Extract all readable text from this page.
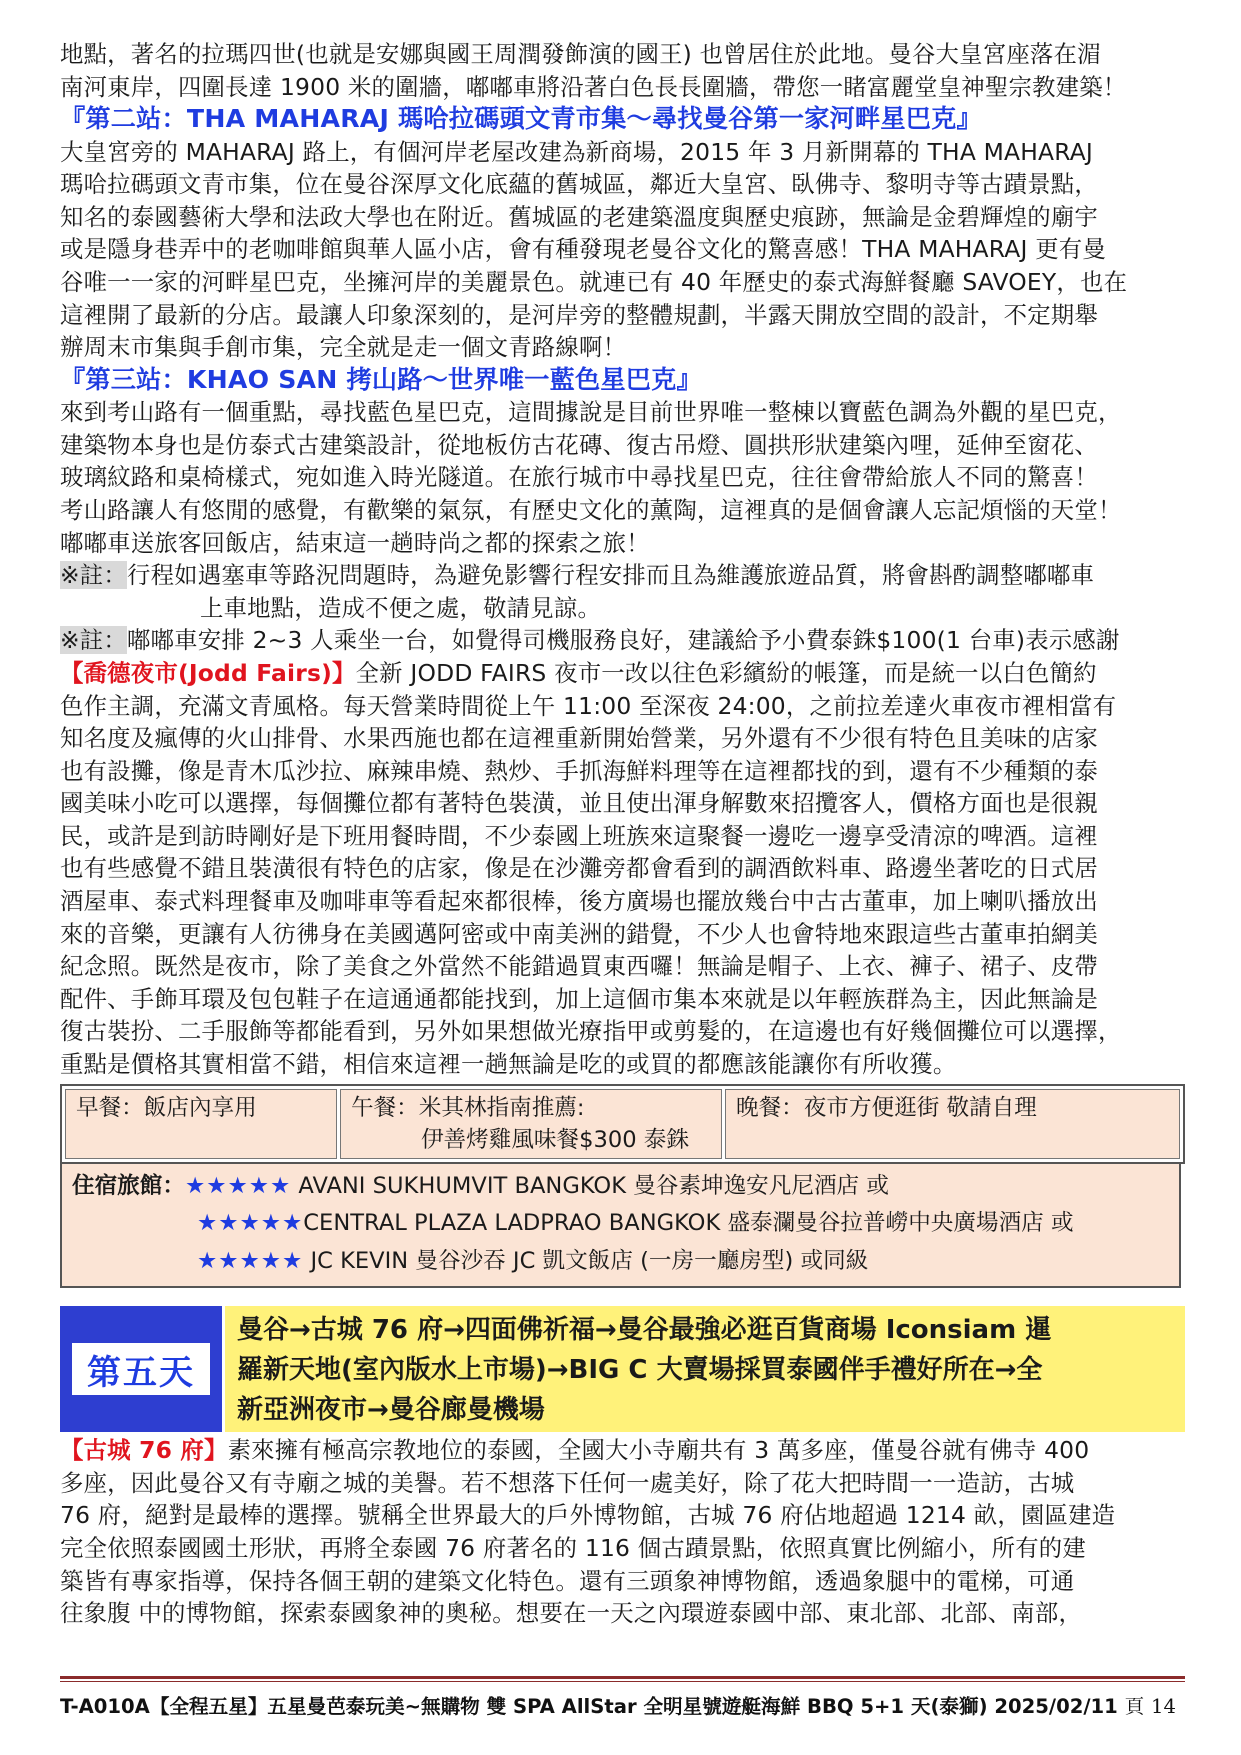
地點，著名的拉瑪四世(也就是安娜與國王周潤發飾演的國王) 也曾居住於此地。曼谷大皇宮座落在湄

南河東岸，四圍長達 1900 米的圍牆，嘟嘟車將沿著白色長長圍牆，帶您一睹富麗堂皇神聖宗教建築！

『第二站：THA MAHARAJ 瑪哈拉碼頭文青市集～尋找曼谷第一家河畔星巴克』

大皇宮旁的 MAHARAJ 路上，有個河岸老屋改建為新商場，2015 年 3 月新開幕的 THA MAHARAJ

瑪哈拉碼頭文青市集，位在曼谷深厚文化底蘊的舊城區，鄰近大皇宮、臥佛寺、黎明寺等古蹟景點，

知名的泰國藝術大學和法政大學也在附近。舊城區的老建築溫度與歷史痕跡，無論是金碧輝煌的廟宇

或是隱身巷弄中的老咖啡館與華人區小店，會有種發現老曼谷文化的驚喜感！THA MAHARAJ 更有曼

谷唯一一家的河畔星巴克，坐擁河岸的美麗景色。就連已有 40 年歷史的泰式海鮮餐廳 SAVOEY，也在

這裡開了最新的分店。最讓人印象深刻的，是河岸旁的整體規劃，半露天開放空間的設計，不定期舉

辦周末市集與手創市集，完全就是走一個文青路線啊！

『第三站：KHAO SAN 拷山路～世界唯一藍色星巴克』

來到考山路有一個重點，尋找藍色星巴克，這間據說是目前世界唯一整棟以寶藍色調為外觀的星巴克，

建築物本身也是仿泰式古建築設計，從地板仿古花磚、復古吊燈、圓拱形狀建築內哩，延伸至窗花、

玻璃紋路和桌椅樣式，宛如進入時光隧道。在旅行城市中尋找星巴克，往往會帶給旅人不同的驚喜！

考山路讓人有悠閒的感覺，有歡樂的氣氛，有歷史文化的薰陶，這裡真的是個會讓人忘記煩惱的天堂！

嘟嘟車送旅客回飯店，結束這一趟時尚之都的探索之旅！

※註：行程如遇塞車等路況問題時，為避免影響行程安排而且為維護旅遊品質，將會斟酌調整嘟嘟車

上車地點，造成不便之處，敬請見諒。

※註：嘟嘟車安排 2~3 人乘坐一台，如覺得司機服務良好，建議給予小費泰銖$100(1 台車)表示感謝

【喬德夜市(Jodd Fairs)】全新 JODD FAIRS 夜市一改以往色彩繽紛的帳篷，而是統一以白色簡約

色作主調，充滿文青風格。每天營業時間從上午 11:00 至深夜 24:00，之前拉差達火車夜市裡相當有

知名度及瘋傳的火山排骨、水果西施也都在這裡重新開始營業，另外還有不少很有特色且美味的店家

也有設攤，像是青木瓜沙拉、麻辣串燒、熱炒、手抓海鮮料理等在這裡都找的到，還有不少種類的泰

國美味小吃可以選擇，每個攤位都有著特色裝潢，並且使出渾身解數來招攬客人，價格方面也是很親

民，或許是到訪時剛好是下班用餐時間，不少泰國上班族來這聚餐一邊吃一邊享受清涼的啤酒。這裡

也有些感覺不錯且裝潢很有特色的店家，像是在沙灘旁都會看到的調酒飲料車、路邊坐著吃的日式居

酒屋車、泰式料理餐車及咖啡車等看起來都很棒，後方廣場也擺放幾台中古古董車，加上喇叭播放出

來的音樂，更讓有人彷彿身在美國邁阿密或中南美洲的錯覺，不少人也會特地來跟這些古董車拍網美

紀念照。既然是夜市，除了美食之外當然不能錯過買東西囉！無論是帽子、上衣、褲子、裙子、皮帶

配件、手飾耳環及包包鞋子在這通通都能找到，加上這個市集本來就是以年輕族群為主，因此無論是

復古裝扮、二手服飾等都能看到，另外如果想做光療指甲或剪髮的，在這邊也有好幾個攤位可以選擇，

重點是價格其實相當不錯，相信來這裡一趟無論是吃的或買的都應該能讓你有所收獲。

早餐：飯店內享用	午餐：米其林指南推薦:
伊善烤雞風味餐$300 泰銖
	晚餐：夜市方便逛街 敬請自理
住宿旅館：★★★★★ AVANI SUKHUMVIT BANGKOK 曼谷素坤逸安凡尼酒店 或
★★★★★CENTRAL PLAZA LADPRAO BANGKOK 盛泰瀾曼谷拉普嶗中央廣場酒店 或
★★★★★ JC KEVIN 曼谷沙吞 JC 凱文飯店 (一房一廳房型) 或同級
第五天
曼谷→古城 76 府→四面佛祈福→曼谷最強必逛百貨商場 Iconsiam 暹
羅新天地(室內版水上市場)→BIG C 大賣場採買泰國伴手禮好所在→全
新亞洲夜市→曼谷廊曼機場

【古城 76 府】素來擁有極高宗教地位的泰國，全國大小寺廟共有 3 萬多座，僅曼谷就有佛寺 400

多座，因此曼谷又有寺廟之城的美譽。若不想落下任何一處美好，除了花大把時間一一造訪，古城

76 府，絕對是最棒的選擇。號稱全世界最大的戶外博物館，古城 76 府佔地超過 1214 畝，園區建造

完全依照泰國國土形狀，再將全泰國 76 府著名的 116 個古蹟景點，依照真實比例縮小，所有的建

築皆有專家指導，保持各個王朝的建築文化特色。還有三頭象神博物館，透過象腿中的電梯，可通

往象腹 中的博物館，探索泰國象神的奧秘。想要在一天之內環遊泰國中部、東北部、北部、南部，

T-A010A【全程五星】五星曼芭泰玩美~無購物 雙 SPA AllStar 全明星號遊艇海鮮 BBQ 5+1 天(泰獅) 2025/02/11 頁 14
